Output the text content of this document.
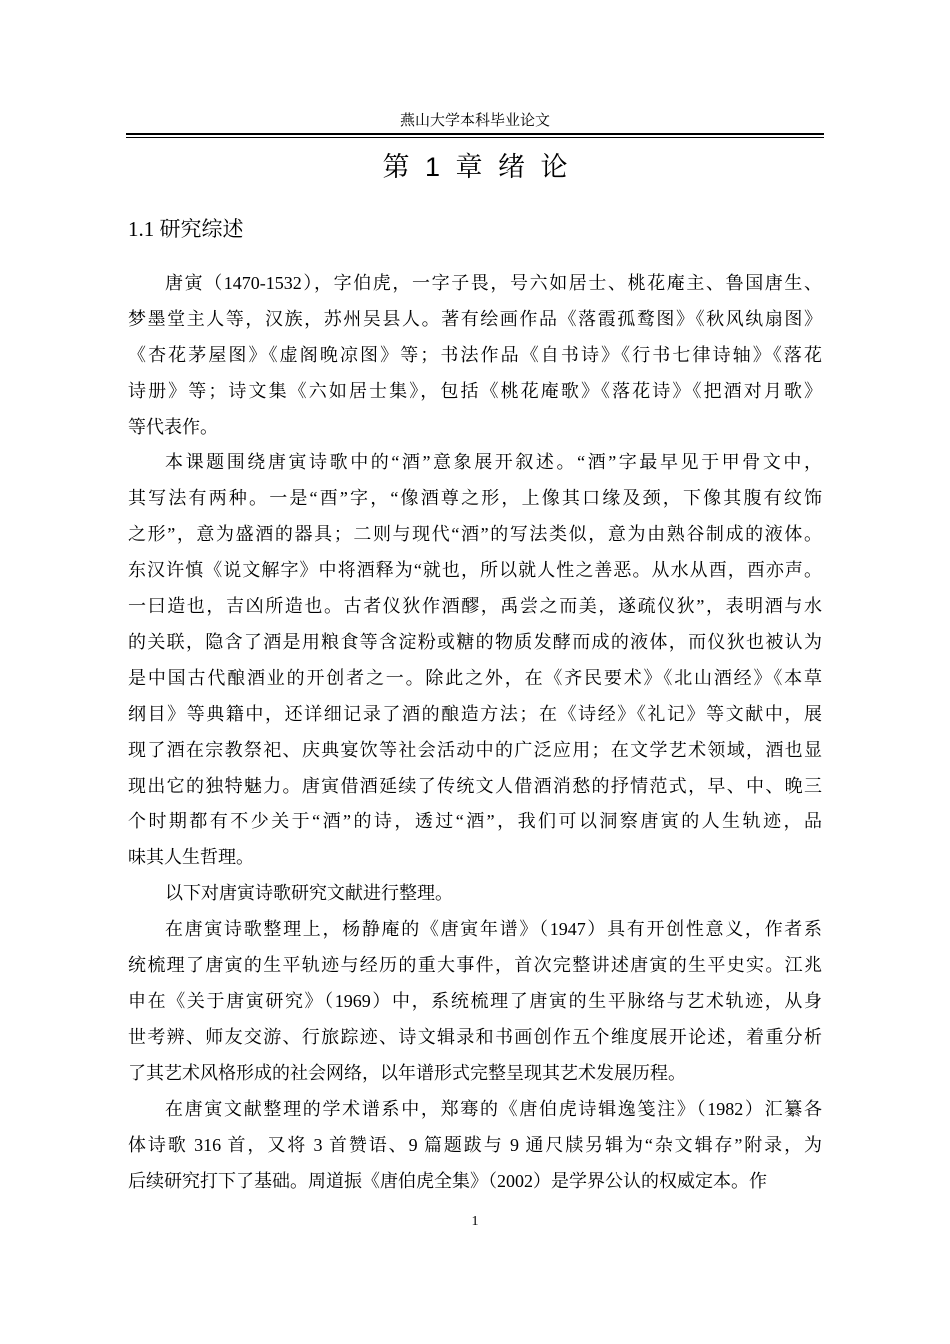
燕山大学本科毕业论文
第 1 章 绪 论
1.1 研究综述
唐寅（1470-1532），字伯虎，一字子畏，号六如居士、桃花庵主、鲁国唐生、
梦墨堂主人等，汉族，苏州吴县人。著有绘画作品《落霞孤鹜图》《秋风纨扇图》
《杏花茅屋图》《虚阁晚凉图》等；书法作品《自书诗》《行书七律诗轴》《落花
诗册》等；诗文集《六如居士集》，包括《桃花庵歌》《落花诗》《把酒对月歌》
等代表作。
本课题围绕唐寅诗歌中的“酒”意象展开叙述。“酒”字最早见于甲骨文中，
其写法有两种。一是“酉”字，“像酒尊之形，上像其口缘及颈，下像其腹有纹饰
之形”，意为盛酒的器具；二则与现代“酒”的写法类似，意为由熟谷制成的液体。
东汉许慎《说文解字》中将酒释为“就也，所以就人性之善恶。从水从酉，酉亦声。
一曰造也，吉凶所造也。古者仪狄作酒醪，禹尝之而美，遂疏仪狄”，表明酒与水
的关联，隐含了酒是用粮食等含淀粉或糖的物质发酵而成的液体，而仪狄也被认为
是中国古代酿酒业的开创者之一。除此之外，在《齐民要术》《北山酒经》《本草
纲目》等典籍中，还详细记录了酒的酿造方法；在《诗经》《礼记》等文献中，展
现了酒在宗教祭祀、庆典宴饮等社会活动中的广泛应用；在文学艺术领域，酒也显
现出它的独特魅力。唐寅借酒延续了传统文人借酒消愁的抒情范式，早、中、晚三
个时期都有不少关于“酒”的诗，透过“酒”，我们可以洞察唐寅的人生轨迹，品
味其人生哲理。
以下对唐寅诗歌研究文献进行整理。
在唐寅诗歌整理上，杨静庵的《唐寅年谱》（1947）具有开创性意义，作者系
统梳理了唐寅的生平轨迹与经历的重大事件，首次完整讲述唐寅的生平史实。江兆
申在《关于唐寅研究》（1969）中，系统梳理了唐寅的生平脉络与艺术轨迹，从身
世考辨、师友交游、行旅踪迹、诗文辑录和书画创作五个维度展开论述，着重分析
了其艺术风格形成的社会网络，以年谱形式完整呈现其艺术发展历程。
在唐寅文献整理的学术谱系中，郑骞的《唐伯虎诗辑逸笺注》（1982）汇纂各
体诗歌 316 首，又将 3 首赞语、9 篇题跋与 9 通尺牍另辑为“杂文辑存”附录，为
后续研究打下了基础。周道振《唐伯虎全集》（2002）是学界公认的权威定本。作
1
